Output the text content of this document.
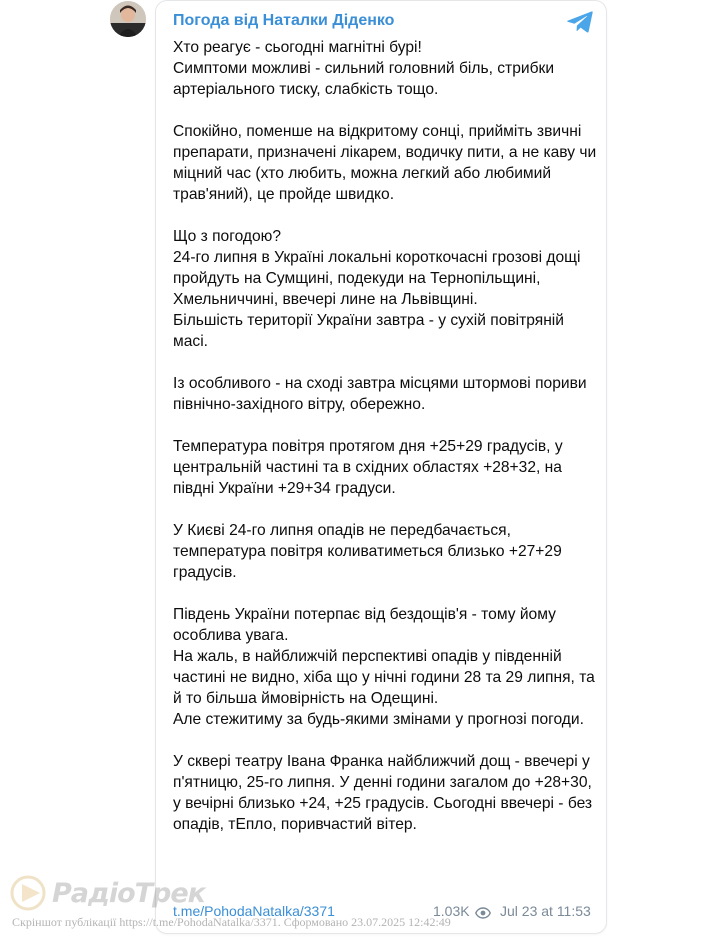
Погода від Наталки Діденко

Хто реагує - сьогодні магнітні бурі!
Симптоми можливі - сильний головний біль, стрибки артеріального тиску, слабкість тощо.

Спокійно, поменше на відкритому сонці, прийміть звичні препарати, призначені лікарем, водичку пити, а не каву чи міцний час (хто любить, можна легкий або любимий трав'яний), це пройде швидко.

Що з погодою?
24-го липня в Україні локальні короткочасні грозові дощі пройдуть на Сумщині, подекуди на Тернопільщині, Хмельниччині, ввечері лине на Львівщині.
Більшість території України завтра - у сухій повітряній масі.

Із особливого - на сході завтра місцями штормові пориви північно-західного вітру, обережно.

Температура повітря протягом дня +25+29 градусів, у центральній частині та в східних областях +28+32, на півдні України +29+34 градуси.

У Києві 24-го липня опадів не передбачається, температура повітря коливатиметься близько +27+29 градусів.

Південь України потерпає від бездощів'я - тому йому особлива увага.
На жаль, в найближчій перспективі опадів у південній частині не видно, хіба що у нічні години 28 та 29 липня, та й то більша ймовірність на Одещині.
Але стежитиму за будь-якими змінами у прогнозі погоди.

У сквері театру Івана Франка найближчий дощ - ввечері у п'ятницю, 25-го липня. У денні години загалом до +28+30, у вечірні близько +24, +25 градусів. Сьогодні ввечері - без опадів, тЕпло, поривчастий вітер.

t.me/PohodaNatalka/3371	1.03K Jul 23 at 11:53
РадіоТрек
Скріншот публікації https://t.me/PohodaNatalka/3371. Сформовано 23.07.2025 12:42:49
